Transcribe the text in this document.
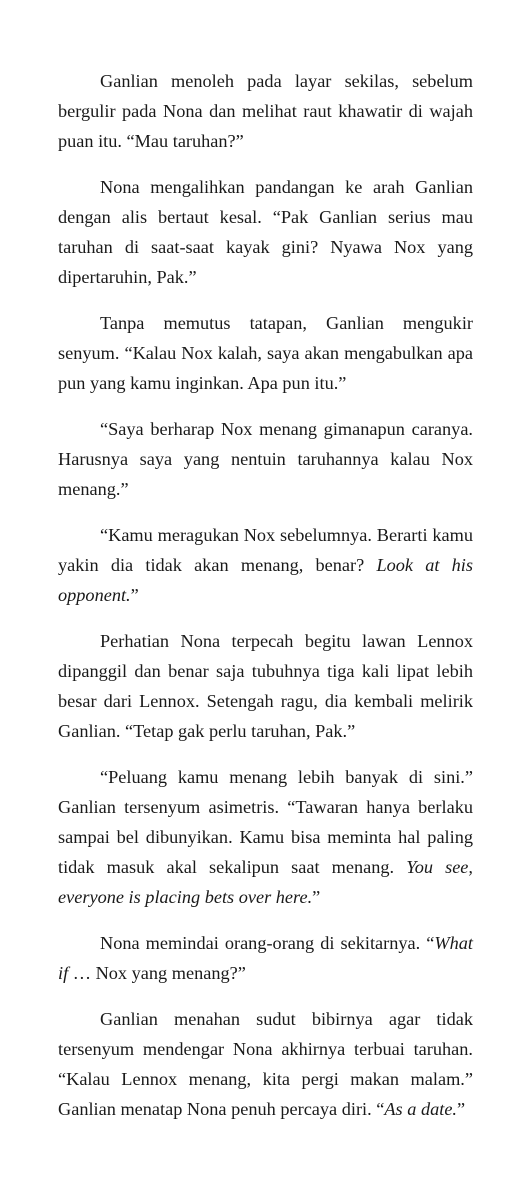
Ganlian menoleh pada layar sekilas, sebelum bergulir pada Nona dan melihat raut khawatir di wajah puan itu. “Mau taruhan?”

Nona mengalihkan pandangan ke arah Ganlian dengan alis bertaut kesal. “Pak Ganlian serius mau taruhan di saat-saat kayak gini? Nyawa Nox yang dipertaruhin, Pak.”

Tanpa memutus tatapan, Ganlian mengukir senyum. “Kalau Nox kalah, saya akan mengabulkan apa pun yang kamu inginkan. Apa pun itu.”

“Saya berharap Nox menang gimanapun caranya. Harusnya saya yang nentuin taruhannya kalau Nox menang.”

“Kamu meragukan Nox sebelumnya. Berarti kamu yakin dia tidak akan menang, benar? Look at his opponent.”

Perhatian Nona terpecah begitu lawan Lennox dipanggil dan benar saja tubuhnya tiga kali lipat lebih besar dari Lennox. Setengah ragu, dia kembali melirik Ganlian. “Tetap gak perlu taruhan, Pak.”

“Peluang kamu menang lebih banyak di sini.” Ganlian tersenyum asimetris. “Tawaran hanya berlaku sampai bel dibunyikan. Kamu bisa meminta hal paling tidak masuk akal sekalipun saat menang. You see, everyone is placing bets over here.”

Nona memindai orang-orang di sekitarnya. “What if … Nox yang menang?”

Ganlian menahan sudut bibirnya agar tidak tersenyum mendengar Nona akhirnya terbuai taruhan. “Kalau Lennox menang, kita pergi makan malam.” Ganlian menatap Nona penuh percaya diri. “As a date.”
